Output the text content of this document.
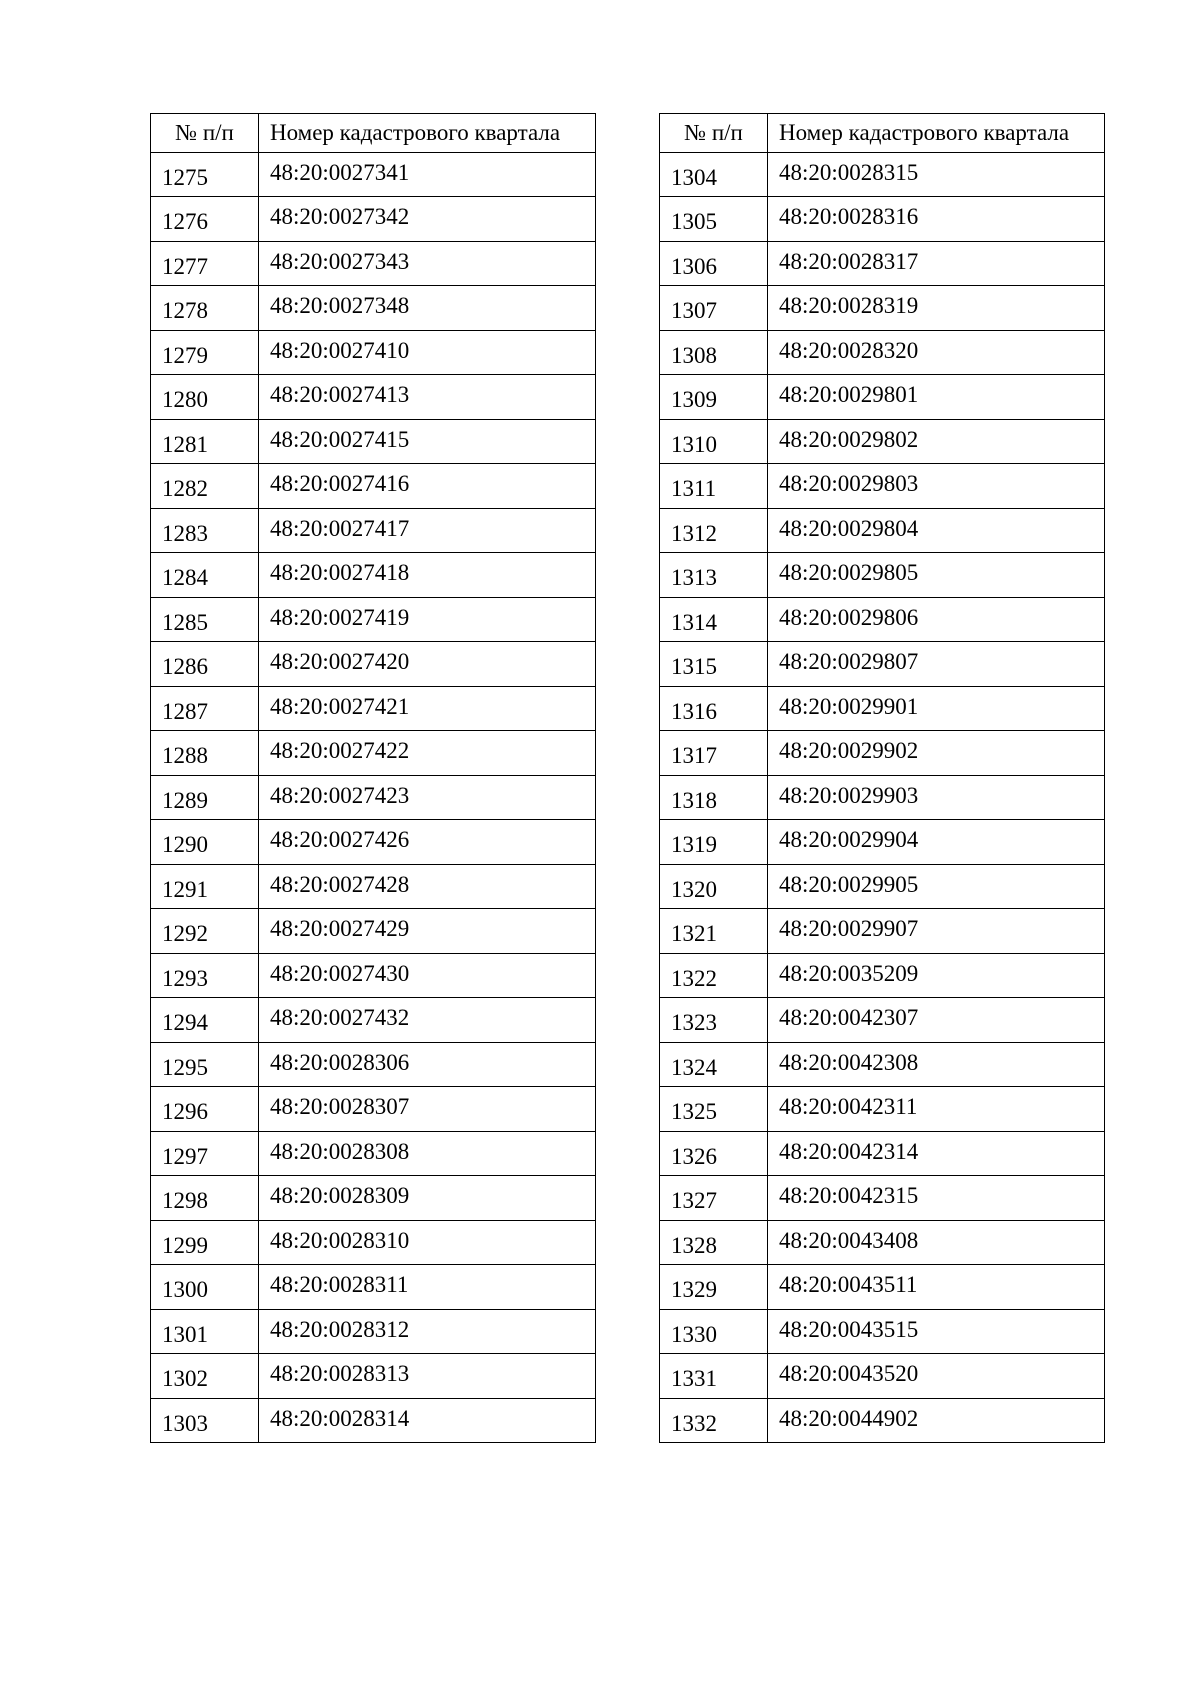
№ п/п	Номер кадастрового квартала
1275	48:20:0027341
1276	48:20:0027342
1277	48:20:0027343
1278	48:20:0027348
1279	48:20:0027410
1280	48:20:0027413
1281	48:20:0027415
1282	48:20:0027416
1283	48:20:0027417
1284	48:20:0027418
1285	48:20:0027419
1286	48:20:0027420
1287	48:20:0027421
1288	48:20:0027422
1289	48:20:0027423
1290	48:20:0027426
1291	48:20:0027428
1292	48:20:0027429
1293	48:20:0027430
1294	48:20:0027432
1295	48:20:0028306
1296	48:20:0028307
1297	48:20:0028308
1298	48:20:0028309
1299	48:20:0028310
1300	48:20:0028311
1301	48:20:0028312
1302	48:20:0028313
1303	48:20:0028314
№ п/п	Номер кадастрового квартала
1304	48:20:0028315
1305	48:20:0028316
1306	48:20:0028317
1307	48:20:0028319
1308	48:20:0028320
1309	48:20:0029801
1310	48:20:0029802
1311	48:20:0029803
1312	48:20:0029804
1313	48:20:0029805
1314	48:20:0029806
1315	48:20:0029807
1316	48:20:0029901
1317	48:20:0029902
1318	48:20:0029903
1319	48:20:0029904
1320	48:20:0029905
1321	48:20:0029907
1322	48:20:0035209
1323	48:20:0042307
1324	48:20:0042308
1325	48:20:0042311
1326	48:20:0042314
1327	48:20:0042315
1328	48:20:0043408
1329	48:20:0043511
1330	48:20:0043515
1331	48:20:0043520
1332	48:20:0044902
